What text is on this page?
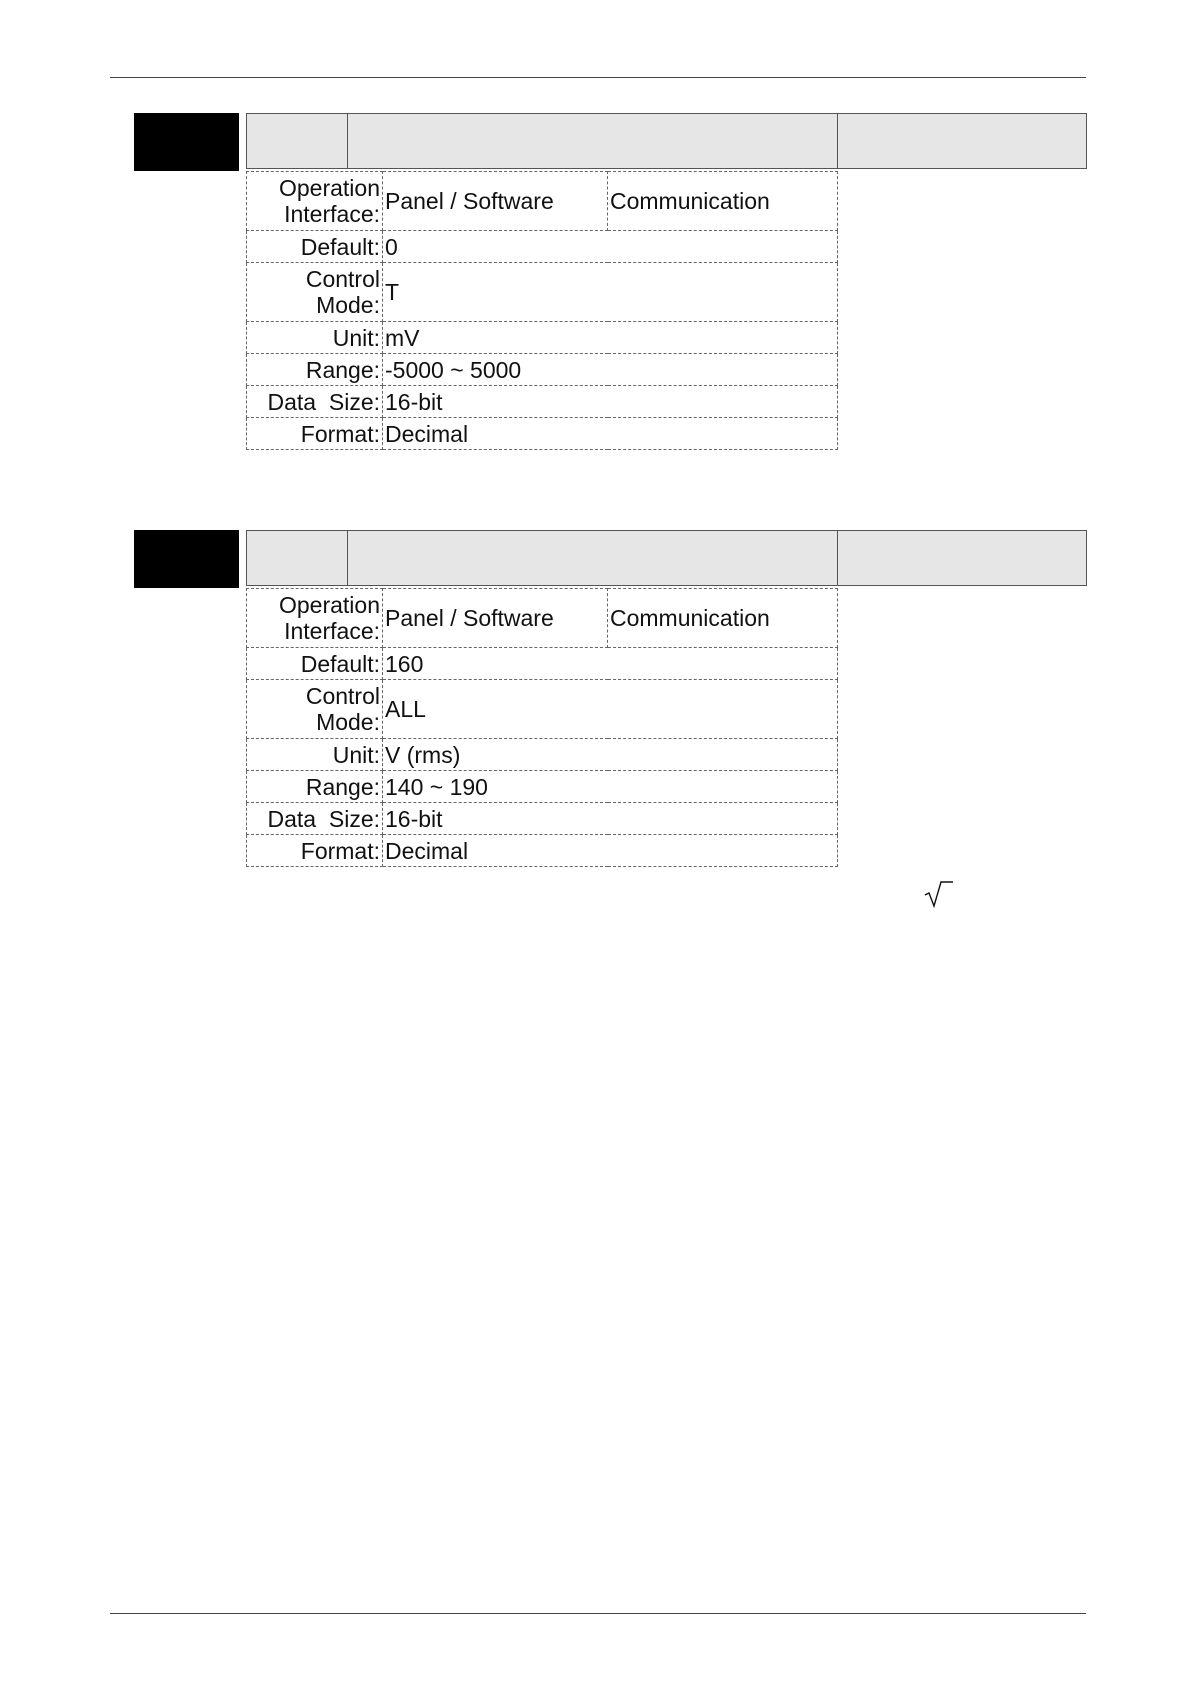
Operation Interface:	Panel / Software	Communication
Default:	0	
Control Mode:	T	
Unit:	mV	
Range:	-5000 ~ 5000	
Data  Size:	16-bit	
Format:	Decimal	
Operation Interface:	Panel / Software	Communication
Default:	160	
Control Mode:	ALL	
Unit:	V (rms)	
Range:	140 ~ 190	
Data  Size:	16-bit	
Format:	Decimal	
